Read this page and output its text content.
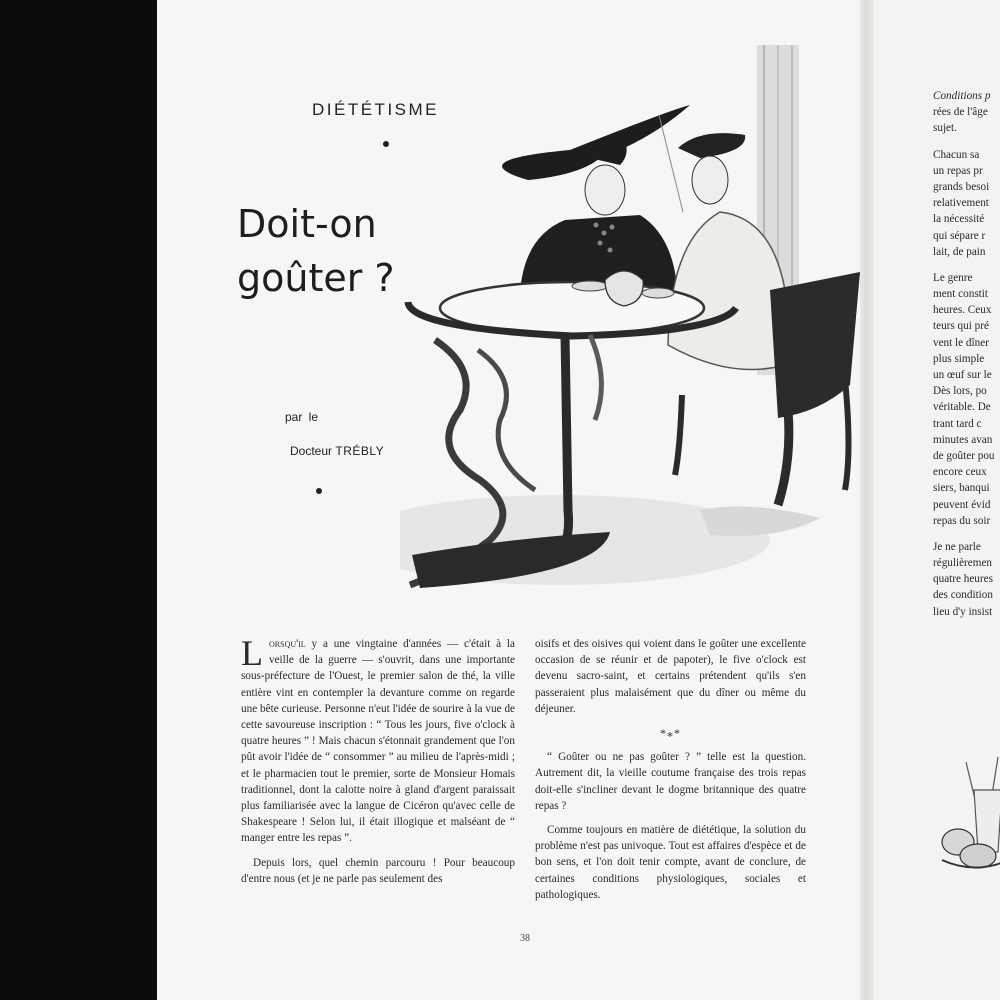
DIÉTÉTISME
Doit-on
goûter ?
par le
Docteur TRÉBLY

Lorsqu'il y a une vingtaine d'années — c'était à la veille de la guerre — s'ouvrit, dans une importante sous-préfecture de l'Ouest, le premier salon de thé, la ville entière vint en contempler la devanture comme on regarde une bête curieuse. Personne n'eut l'idée de sourire à la vue de cette savoureuse inscription : “ Tous les jours, five o'clock à quatre heures ” ! Mais chacun s'étonnait grandement que l'on pût avoir l'idée de “ consommer ” au milieu de l'après-midi ; et le pharmacien tout le premier, sorte de Monsieur Homais traditionnel, dont la calotte noire à gland d'argent paraissait plus familiarisée avec la langue de Cicéron qu'avec celle de Shakespeare ! Selon lui, il était illogique et malséant de “ manger entre les repas ”.

Depuis lors, quel chemin parcouru ! Pour beaucoup d'entre nous (et je ne parle pas seulement des

oisifs et des oisives qui voient dans le goûter une excellente occasion de se réunir et de papoter), le five o'clock est devenu sacro-saint, et certains prétendent qu'ils s'en passeraient plus malaisément que du dîner ou même du déjeuner.

*⁎*

“ Goûter ou ne pas goûter ? ” telle est la question. Autrement dit, la vieille coutume française des trois repas doit-elle s'incliner devant le dogme britannique des quatre repas ?

Comme toujours en matière de diététique, la solution du problème n'est pas univoque. Tout est affaires d'espèce et de bon sens, et l'on doit tenir compte, avant de conclure, de certaines conditions physiologiques, sociales et pathologiques.

38
Conditions p
rées de l'âge
sujet.
Chacun sa
un repas pr
grands besoi
relativement
la nécessité
qui sépare r
lait, de pain
Le genre
ment constit
heures. Ceux
teurs qui pré
vent le dîner
plus simple
un œuf sur le
Dès lors, po
véritable. De
trant tard c
minutes avan
de goûter pou
encore ceux
siers, banqui
peuvent évid
repas du soir
Je ne parle
régulièremen
quatre heures
des condition
lieu d'y insist
